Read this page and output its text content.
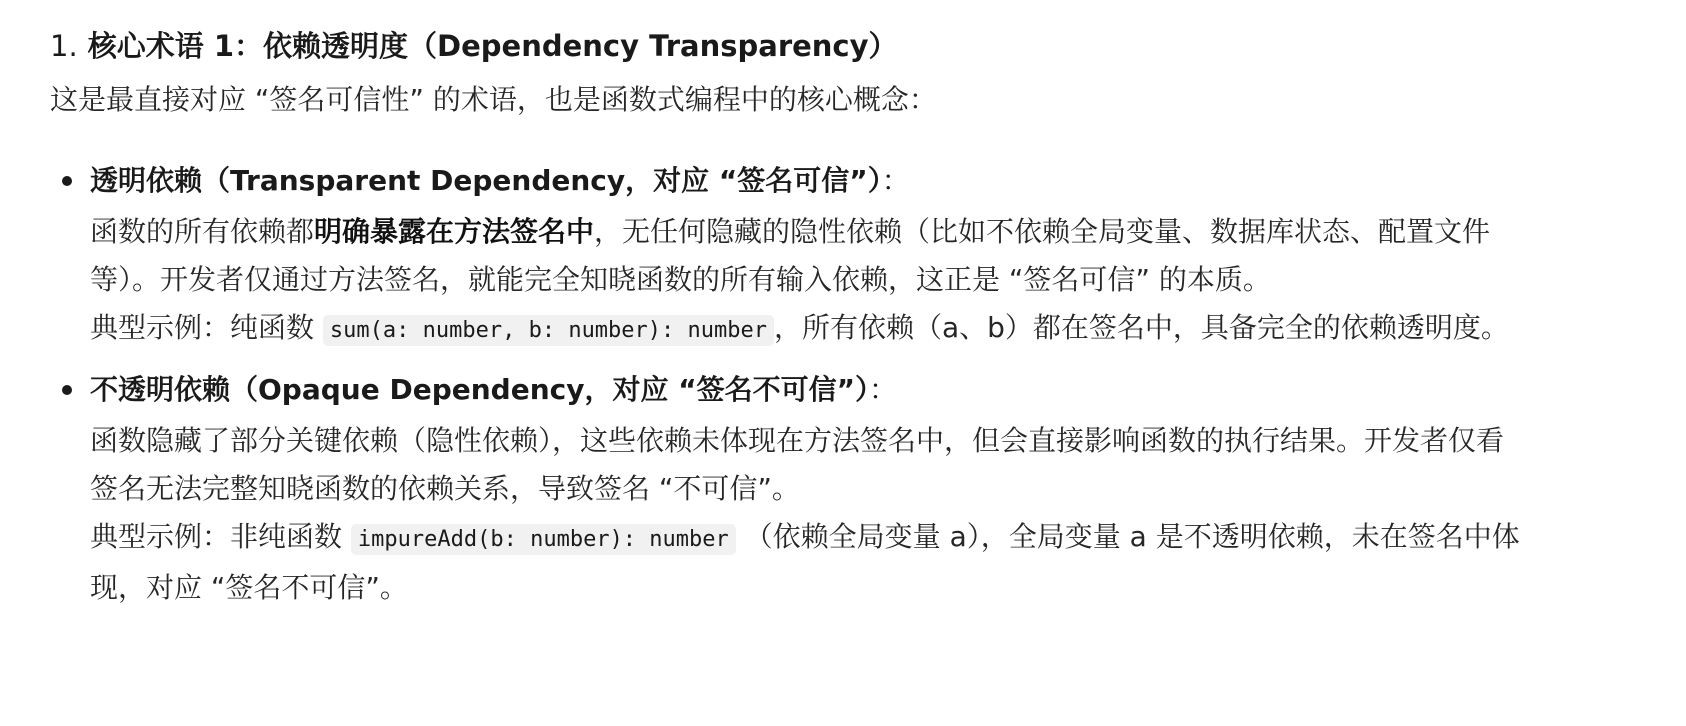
1. 核心术语 1：依赖透明度（Dependency Transparency）

这是最直接对应 “签名可信性” 的术语，也是函数式编程中的核心概念：

透明依赖（Transparent Dependency，对应 “签名可信”）：

函数的所有依赖都明确暴露在方法签名中，无任何隐藏的隐性依赖（比如不依赖全局变量、数据库状态、配置文件等）。开发者仅通过方法签名，就能完全知晓函数的所有输入依赖，这正是 “签名可信” 的本质。

典型示例：纯函数 sum(a: number, b: number): number ，所有依赖（a、b）都在签名中，具备完全的依赖透明度。

不透明依赖（Opaque Dependency，对应 “签名不可信”）：

函数隐藏了部分关键依赖（隐性依赖），这些依赖未体现在方法签名中，但会直接影响函数的执行结果。开发者仅看签名无法完整知晓函数的依赖关系，导致签名 “不可信”。

典型示例：非纯函数 impureAdd(b: number): number （依赖全局变量 a），全局变量 a 是不透明依赖，未在签名中体现，对应 “签名不可信”。
